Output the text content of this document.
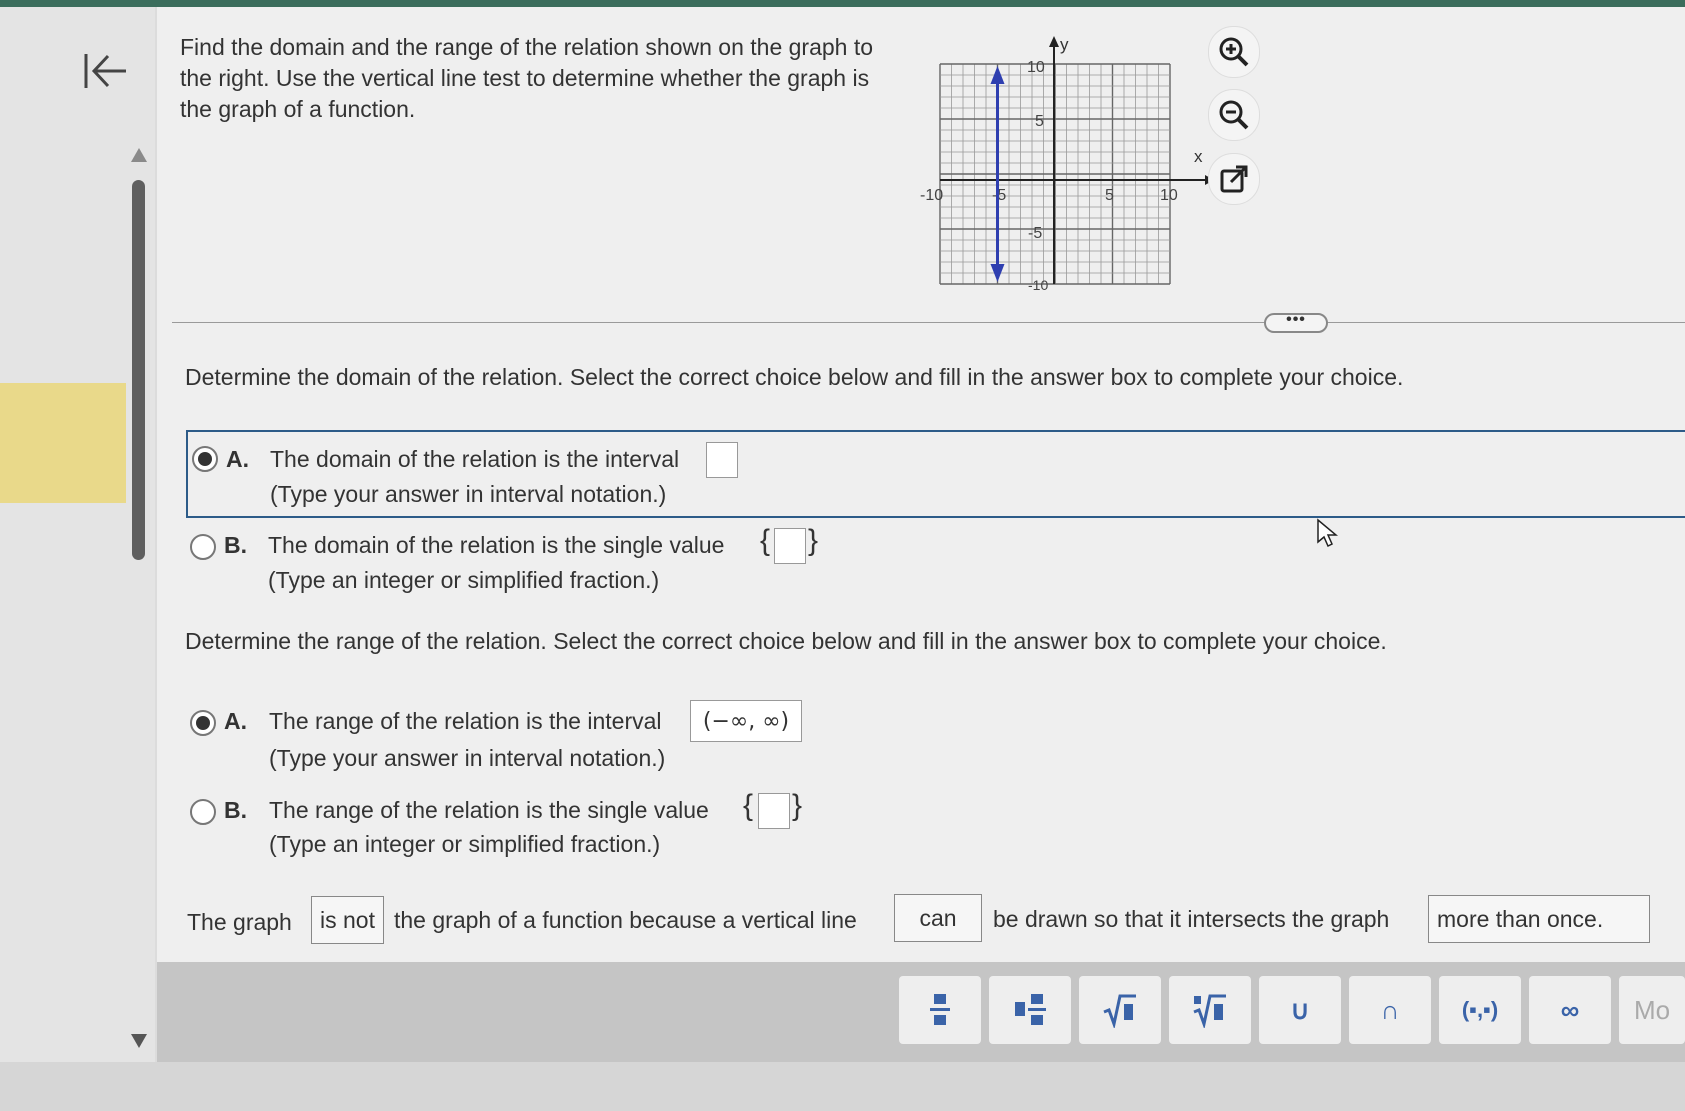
Find the domain and the range of the relation shown on the graph to the right. Use the vertical line test to determine whether the graph is the graph of a function.
y
x
10
5
-10	-5	5	10
-5
-10
•••
Determine the domain of the relation. Select the correct choice below and fill in the answer box to complete your choice.
A. The domain of the relation is the interval
(Type your answer in interval notation.)
B. The domain of the relation is the single value { }
(Type an integer or simplified fraction.)
Determine the range of the relation. Select the correct choice below and fill in the answer box to complete your choice.
A. The range of the relation is the interval	(−∞, ∞)
(Type your answer in interval notation.)
B. The range of the relation is the single value { }
(Type an integer or simplified fraction.)
The graph	is not the graph of a function because a vertical line	can	be drawn so that it intersects the graph	more than once.
∪	∩	(▪,▪)	∞	Mo
